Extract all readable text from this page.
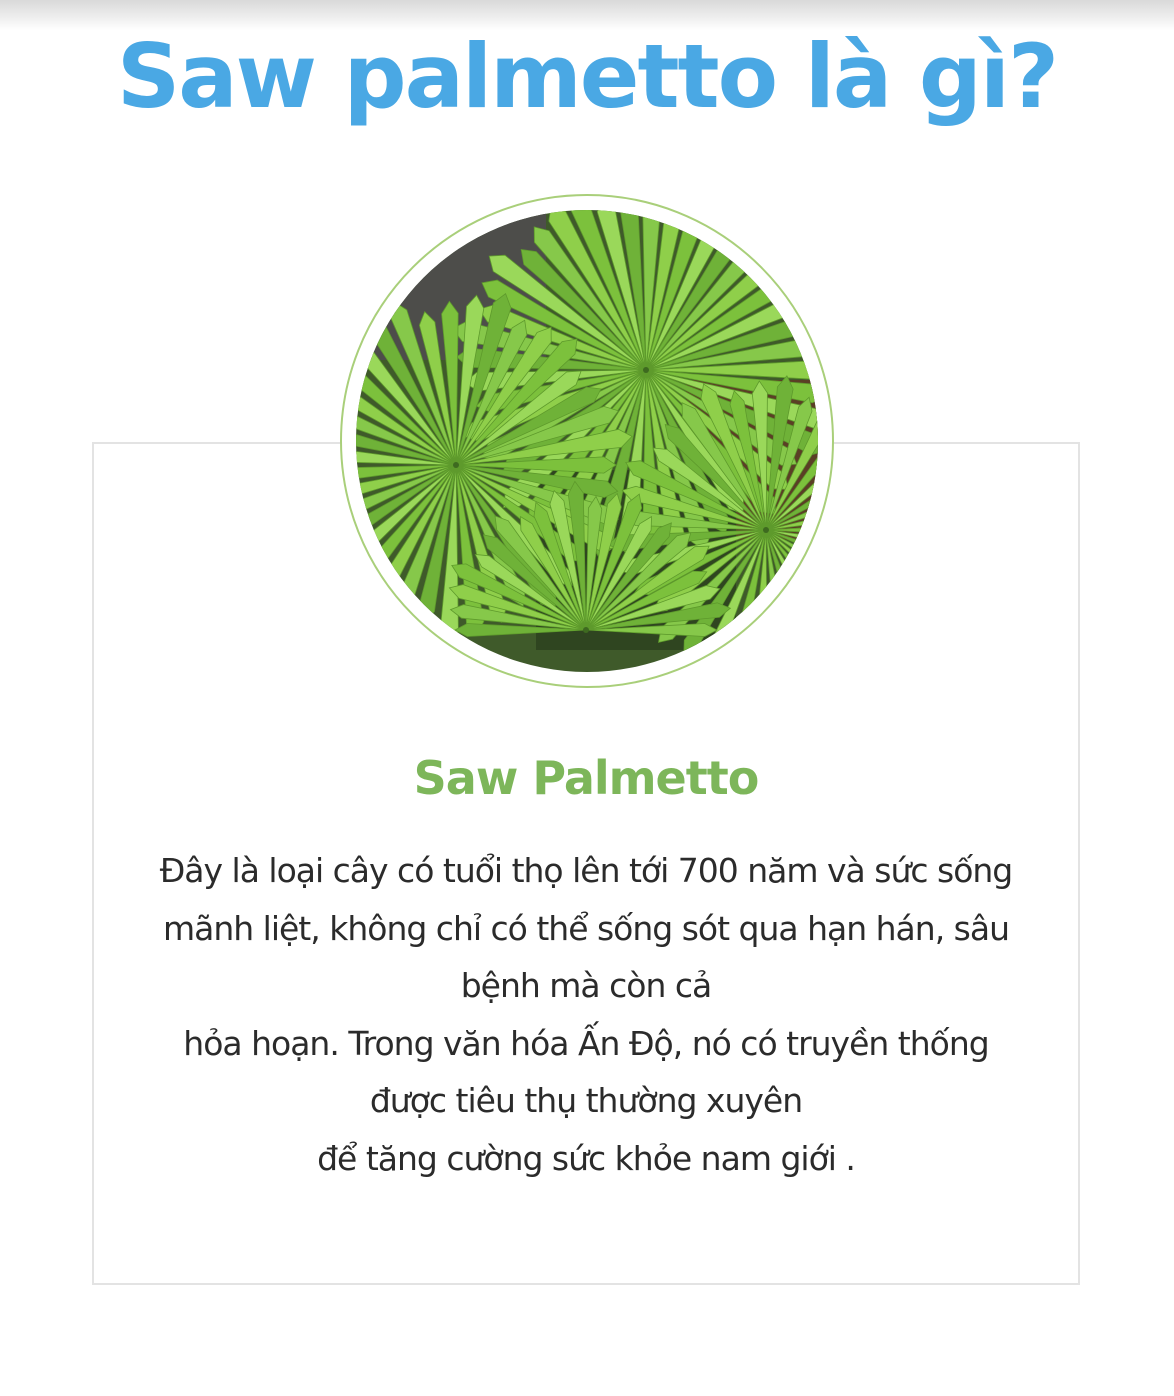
Saw palmetto là gì?
Saw Palmetto
Đây là loại cây có tuổi thọ lên tới 700 năm và sức sống
mãnh liệt, không chỉ có thể sống sót qua hạn hán, sâu
bệnh mà còn cả
hỏa hoạn. Trong văn hóa Ấn Độ, nó có truyền thống
được tiêu thụ thường xuyên
để tăng cường sức khỏe nam giới .
